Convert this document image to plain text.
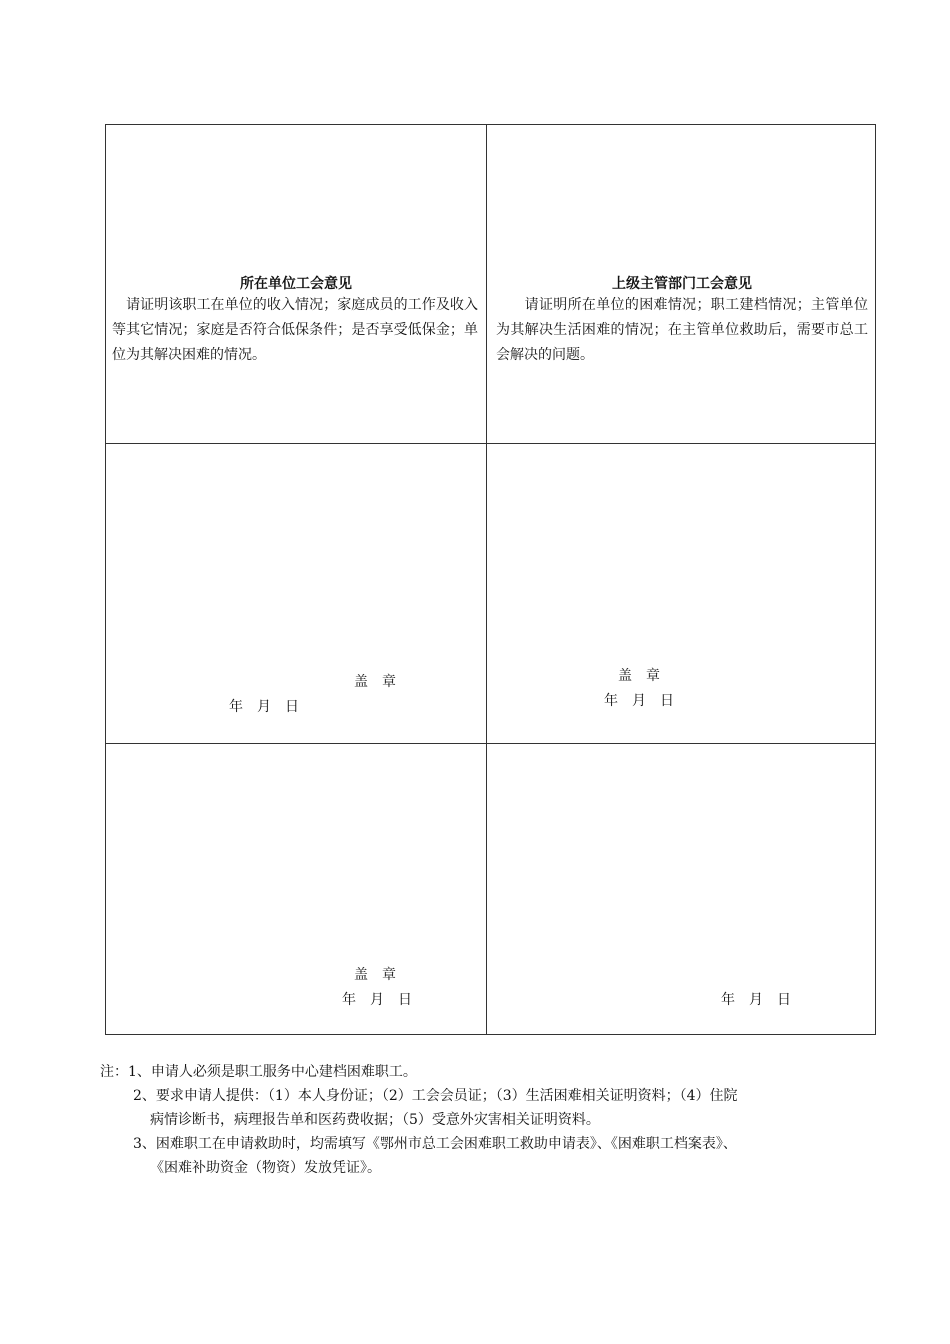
所在单位工会意见
　请证明该职工在单位的收入情况；家庭成员的工作及收入等其它情况；家庭是否符合低保条件；是否享受低保金；单位为其解决困难的情况。
上级主管部门工会意见
　　请证明所在单位的困难情况；职工建档情况；主管单位为其解决生活困难的情况；在主管单位救助后，需要市总工会解决的问题。
盖　章
年　月　日
盖　章
年　月　日
盖　章
年　月　日	年　月　日
注：1、申请人必须是职工服务中心建档困难职工。
2、要求申请人提供：（1）本人身份证；（2）工会会员证；（3）生活困难相关证明资料；（4）住院
病情诊断书，病理报告单和医药费收据；（5）受意外灾害相关证明资料。
3、困难职工在申请救助时，均需填写《鄂州市总工会困难职工救助申请表》、《困难职工档案表》、
《困难补助资金（物资）发放凭证》。
